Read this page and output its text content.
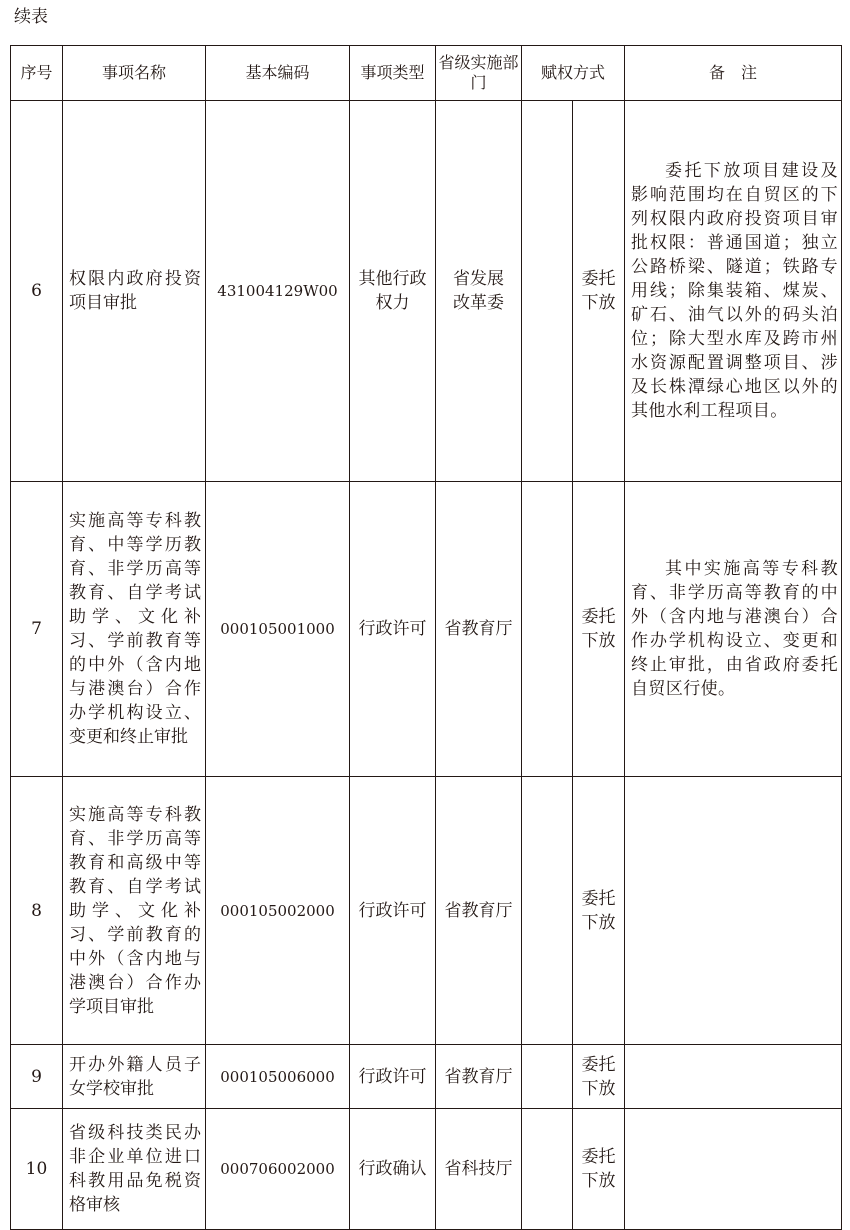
续表
序号	事项名称	基本编码	事项类型	省级实施部门	赋权方式		备　注
6	权限内政府投资项目审批	431004129W00	其他行政权力	省发展改革委		委托下放	委托下放项目建设及影响范围均在自贸区的下列权限内政府投资项目审批权限：普通国道；独立公路桥梁、隧道；铁路专用线；除集装箱、煤炭、矿石、油气以外的码头泊位；除大型水库及跨市州水资源配置调整项目、涉及长株潭绿心地区以外的其他水利工程项目。

7	实施高等专科教育、中等学历教育、非学历高等教育、自学考试助学、文化补习、学前教育等的中外（含内地与港澳台）合作办学机构设立、变更和终止审批	000105001000	行政许可	省教育厅		委托下放	其中实施高等专科教育、非学历高等教育的中外（含内地与港澳台）合作办学机构设立、变更和终止审批，由省政府委托自贸区行使。

8	实施高等专科教育、非学历高等教育和高级中等教育、自学考试助学、文化补习、学前教育的中外（含内地与港澳台）合作办学项目审批	000105002000	行政许可	省教育厅		委托下放	
9	开办外籍人员子女学校审批	000105006000	行政许可	省教育厅		委托下放	
10	省级科技类民办非企业单位进口科教用品免税资格审核	000706002000	行政确认	省科技厅		委托下放	
